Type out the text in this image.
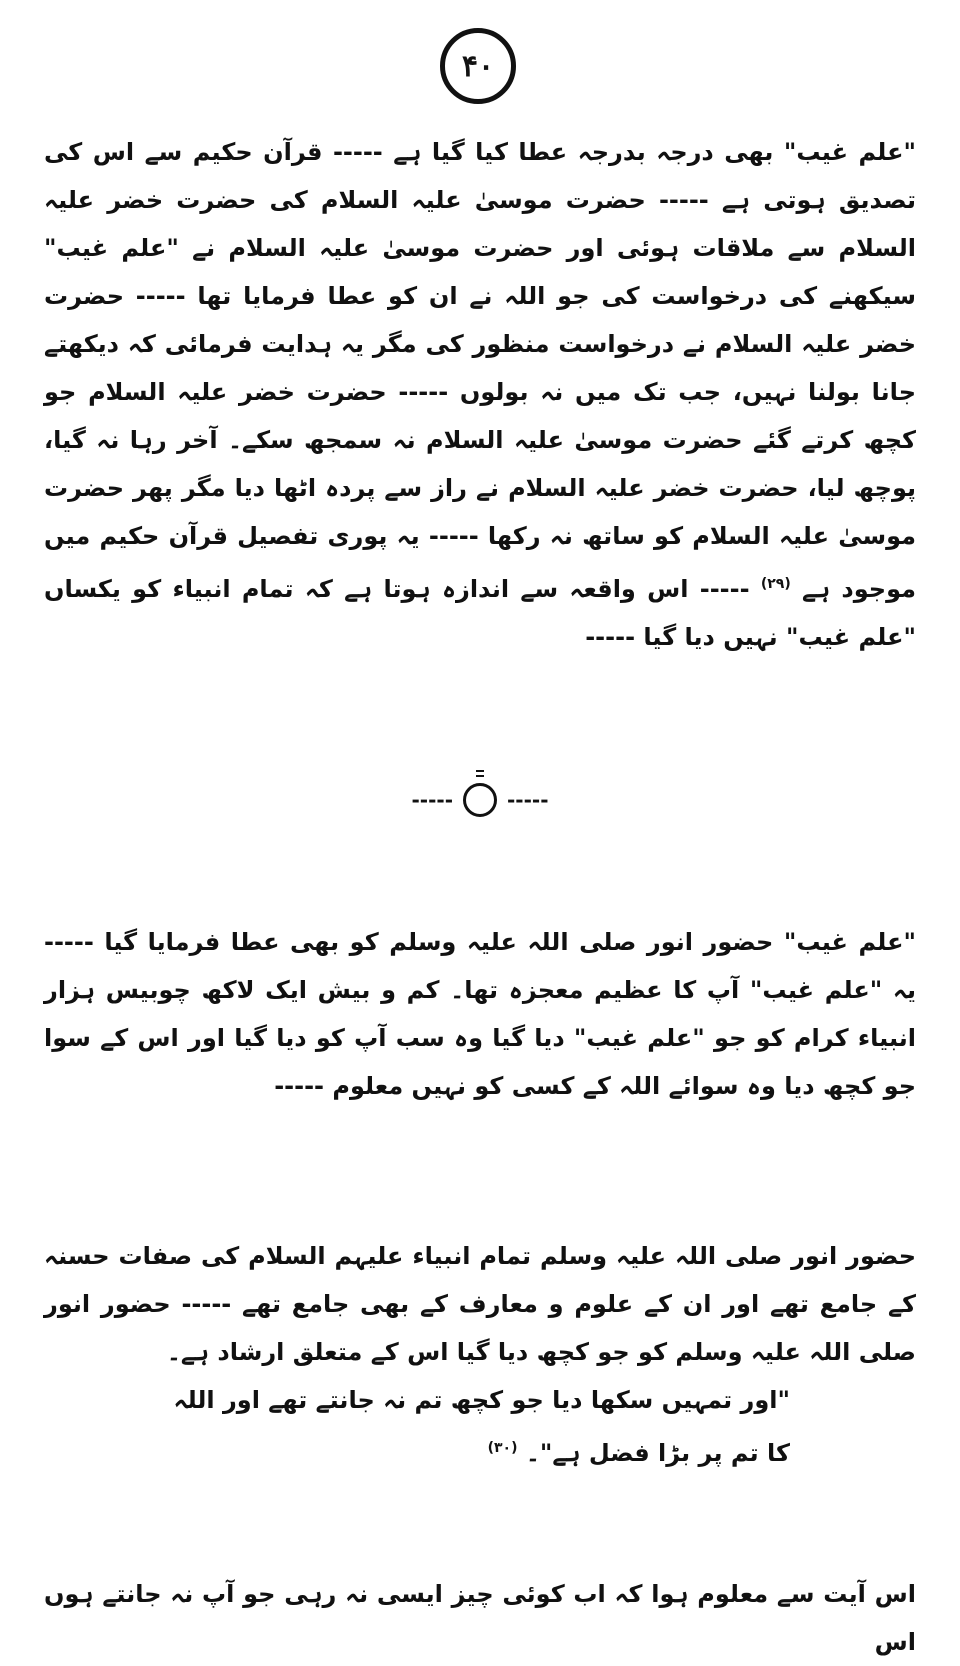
۴۰

"علم غیب" بھی درجہ بدرجہ عطا کیا گیا ہے ----- قرآن حکیم سے اس کی تصدیق ہوتی ہے ----- حضرت موسیٰ علیہ السلام کی حضرت خضر علیہ السلام سے ملاقات ہوئی اور حضرت موسیٰ علیہ السلام نے "علم غیب" سیکھنے کی درخواست کی جو اللہ نے ان کو عطا فرمایا تھا ----- حضرت خضر علیہ السلام نے درخواست منظور کی مگر یہ ہدایت فرمائی کہ دیکھتے جانا بولنا نہیں، جب تک میں نہ بولوں ----- حضرت خضر علیہ السلام جو کچھ کرتے گئے حضرت موسیٰ علیہ السلام نہ سمجھ سکے۔ آخر رہا نہ گیا، پوچھ لیا، حضرت خضر علیہ السلام نے راز سے پردہ اٹھا دیا مگر پھر حضرت موسیٰ علیہ السلام کو ساتھ نہ رکھا ----- یہ پوری تفصیل قرآن حکیم میں موجود ہے $^{(۲۹)}$ ----- اس واقعہ سے اندازہ ہوتا ہے کہ تمام انبیاء کو یکساں "علم غیب" نہیں دیا گیا -----

-----	-----

"علم غیب" حضور انور صلی اللہ علیہ وسلم کو بھی عطا فرمایا گیا ----- یہ "علم غیب" آپ کا عظیم معجزہ تھا۔ کم و بیش ایک لاکھ چوبیس ہزار انبیاء کرام کو جو "علم غیب" دیا گیا وہ سب آپ کو دیا گیا اور اس کے سوا جو کچھ دیا وہ سوائے اللہ کے کسی کو نہیں معلوم -----

حضور انور صلی اللہ علیہ وسلم تمام انبیاء علیہم السلام کی صفات حسنہ کے جامع تھے اور ان کے علوم و معارف کے بھی جامع تھے ----- حضور انور صلی اللہ علیہ وسلم کو جو کچھ دیا گیا اس کے متعلق ارشاد ہے۔

"اور تمہیں سکھا دیا جو کچھ تم نہ جانتے تھے اور اللہ کا تم پر بڑا فضل ہے"۔ $^{(۳۰)}$

اس آیت سے معلوم ہوا کہ اب کوئی چیز ایسی نہ رہی جو آپ نہ جانتے ہوں اس
